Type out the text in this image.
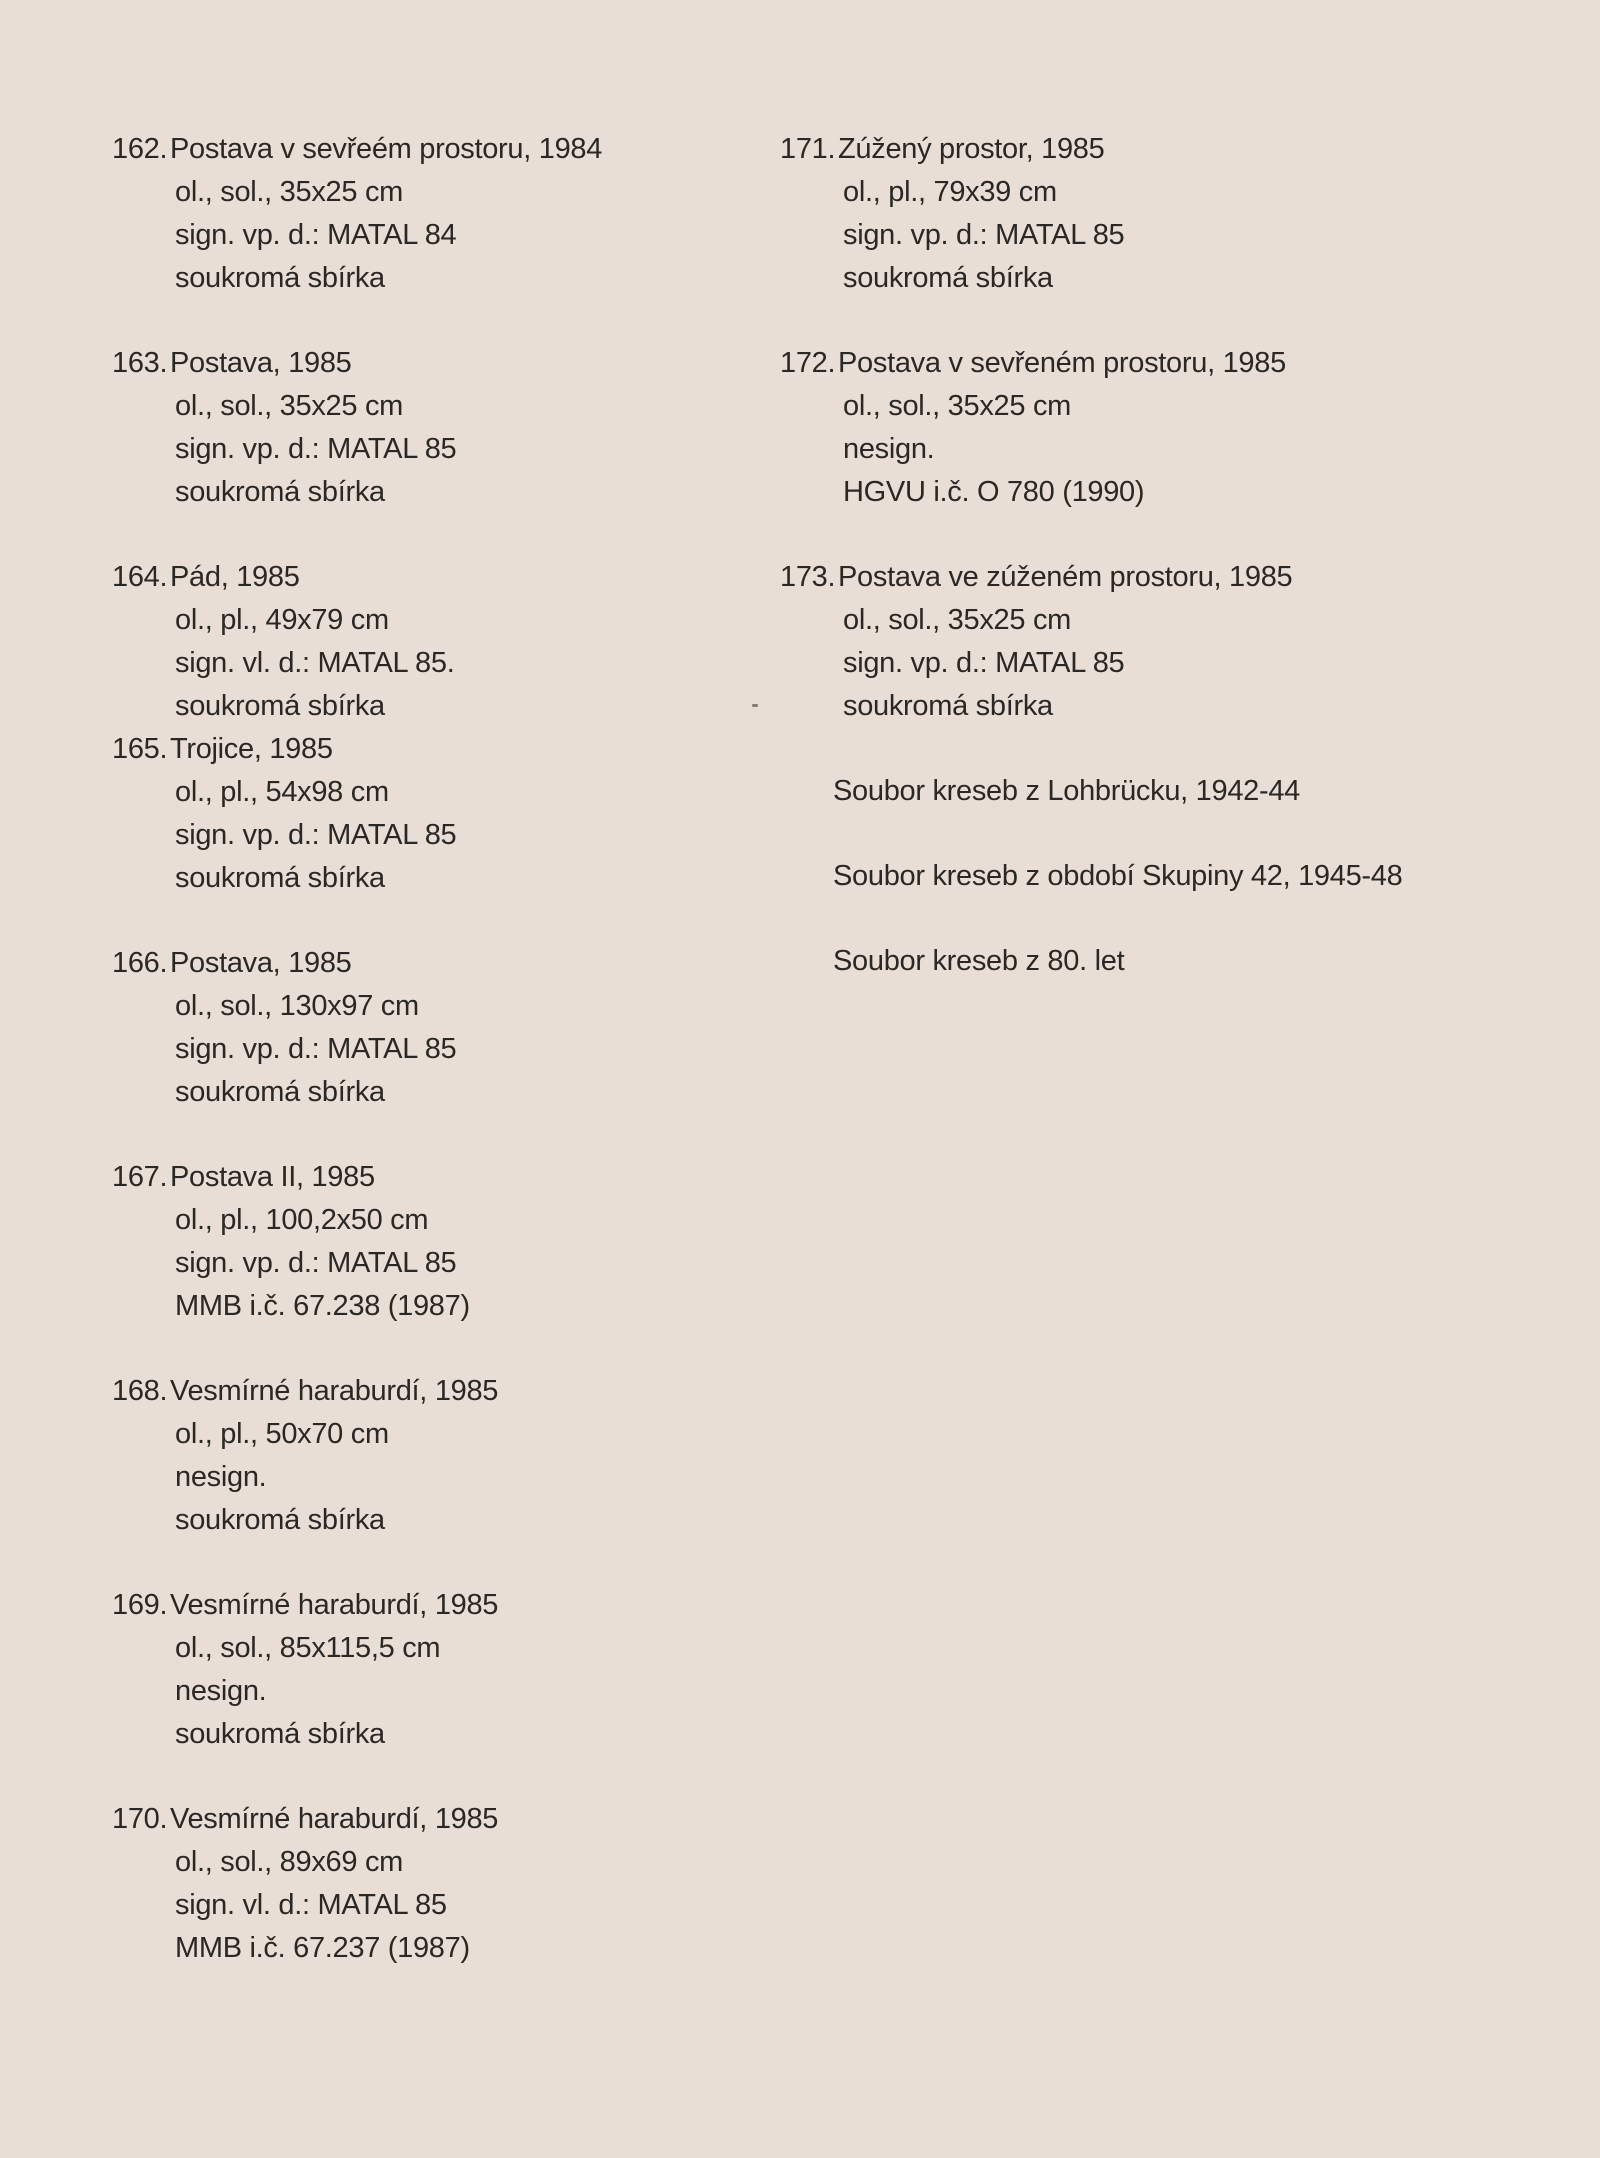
162. Postava v sevřeém prostoru, 1984
ol., sol., 35x25 cm
sign. vp. d.: MATAL 84
soukromá sbírka
163. Postava, 1985
ol., sol., 35x25 cm
sign. vp. d.: MATAL 85
soukromá sbírka
164. Pád, 1985
ol., pl., 49x79 cm
sign. vl. d.: MATAL 85.
soukromá sbírka
165. Trojice, 1985
ol., pl., 54x98 cm
sign. vp. d.: MATAL 85
soukromá sbírka
166. Postava, 1985
ol., sol., 130x97 cm
sign. vp. d.: MATAL 85
soukromá sbírka
167. Postava II, 1985
ol., pl., 100,2x50 cm
sign. vp. d.: MATAL 85
MMB i.č. 67.238 (1987)
168. Vesmírné haraburdí, 1985
ol., pl., 50x70 cm
nesign.
soukromá sbírka
169. Vesmírné haraburdí, 1985
ol., sol., 85x115,5 cm
nesign.
soukromá sbírka
170. Vesmírné haraburdí, 1985
ol., sol., 89x69 cm
sign. vl. d.: MATAL 85
MMB i.č. 67.237 (1987)
171. Zúžený prostor, 1985
ol., pl., 79x39 cm
sign. vp. d.: MATAL 85
soukromá sbírka
172. Postava v sevřeném prostoru, 1985
ol., sol., 35x25 cm
nesign.
HGVU i.č. O 780 (1990)
173. Postava ve zúženém prostoru, 1985
ol., sol., 35x25 cm
sign. vp. d.: MATAL 85
soukromá sbírka
Soubor kreseb z Lohbrücku, 1942-44
Soubor kreseb z období Skupiny 42, 1945-48
Soubor kreseb z 80. let
